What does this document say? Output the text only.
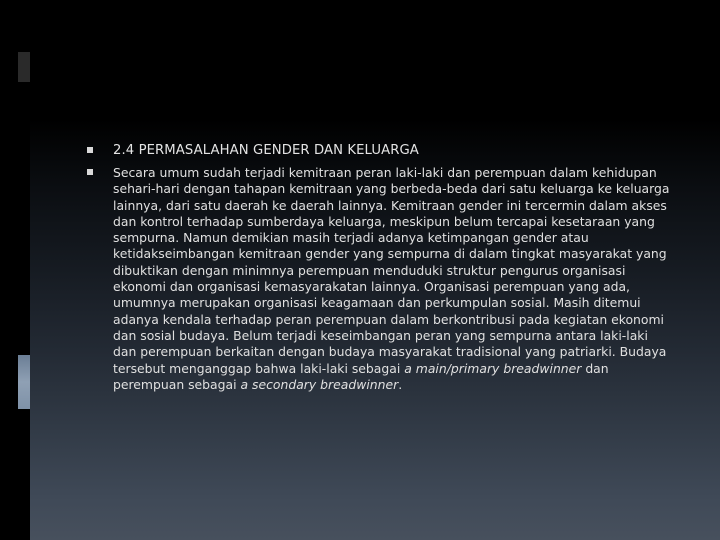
2.4 PERMASALAHAN GENDER DAN KELUARGA
Secara umum sudah terjadi kemitraan peran laki-laki dan perempuan dalam kehidupan sehari-hari dengan tahapan kemitraan yang berbeda-beda dari satu keluarga ke keluarga lainnya, dari satu daerah ke daerah lainnya. Kemitraan gender ini tercermin dalam akses dan kontrol terhadap sumberdaya keluarga, meskipun belum tercapai kesetaraan yang sempurna. Namun demikian masih terjadi adanya ketimpangan gender atau ketidakseimbangan kemitraan gender yang sempurna di dalam tingkat masyarakat yang dibuktikan dengan minimnya perempuan menduduki struktur pengurus organisasi ekonomi dan organisasi kemasyarakatan lainnya. Organisasi perempuan yang ada, umumnya merupakan organisasi keagamaan dan perkumpulan sosial. Masih ditemui adanya kendala terhadap peran perempuan dalam berkontribusi pada kegiatan ekonomi dan sosial budaya. Belum terjadi keseimbangan peran yang sempurna antara laki-laki dan perempuan berkaitan dengan budaya masyarakat tradisional yang patriarki. Budaya tersebut menganggap bahwa laki-laki sebagai a main/primary breadwinner dan perempuan sebagai a secondary breadwinner.
